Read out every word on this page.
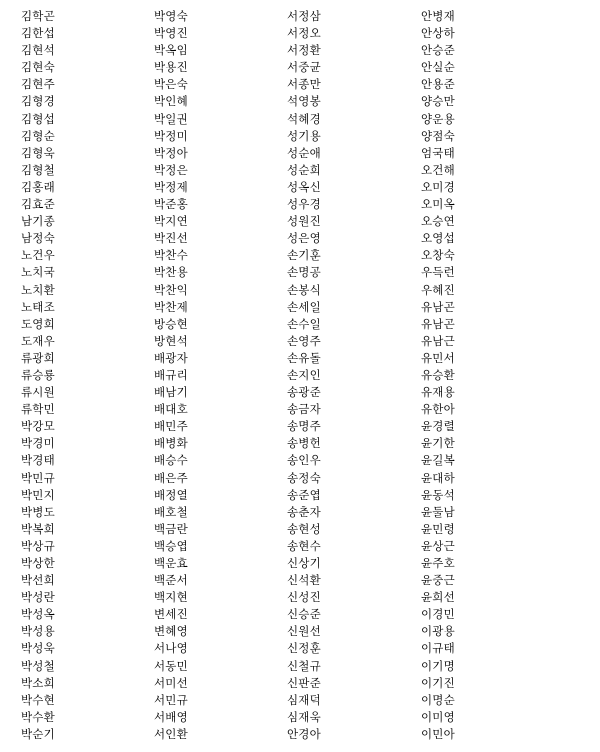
김학곤
김한섭
김현석
김현숙
김현주
김형경
김형섭
김형순
김형욱
김형철
김홍래
김효준
남기종
남정숙
노건우
노치국
노치환
노태조
도영희
도재우
류광희
류승룡
류시원
류학민
박강모
박경미
박경태
박민규
박민지
박병도
박복희
박상규
박상한
박선희
박성란
박성옥
박성용
박성욱
박성철
박소희
박수현
박수환
박순기
박영숙
박영진
박옥임
박용진
박은숙
박인혜
박일권
박정미
박정아
박정은
박정제
박준홍
박지연
박진선
박찬수
박찬용
박찬익
박찬제
방승현
방현석
배광자
배규리
배남기
배대호
배민주
배병화
배승수
배은주
배정열
배호철
백금란
백승엽
백운효
백준서
백지현
변세진
변혜영
서나영
서동민
서미선
서민규
서배영
서인환
서정삼
서정오
서정환
서중균
서종만
석영봉
석혜경
성기용
성순애
성순희
성옥신
성우경
성원진
성은영
손기훈
손명공
손봉식
손세일
손수일
손영주
손유돌
손지인
송광준
송금자
송명주
송병헌
송인우
송정숙
송준엽
송춘자
송현성
송현수
신상기
신석환
신성진
신승준
신원선
신정훈
신철규
신판준
심재덕
심재욱
안경아
안병재
안상하
안승준
안실순
안용준
양승만
양운용
양점숙
엄국태
오건해
오미경
오미옥
오승연
오영섭
오창숙
우득런
우혜진
유남곤
유남곤
유남근
유민서
유승환
유재용
유한아
윤경렬
윤기한
윤길복
윤대하
윤동석
윤둘남
윤민령
윤상근
윤주호
윤중근
윤희선
이경민
이광용
이규태
이기명
이기진
이명순
이미영
이민아
